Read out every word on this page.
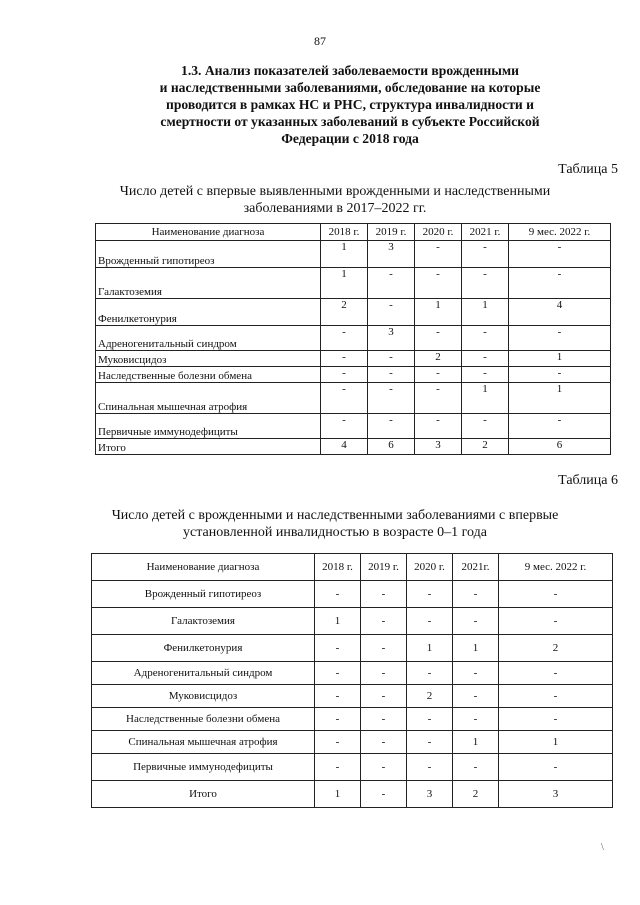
87
1.3. Анализ показателей заболеваемости врожденными
и наследственными заболеваниями, обследование на которые
проводится в рамках НС и РНС, структура инвалидности и
смертности от указанных заболеваний в субъекте Российской
Федерации с 2018 года
Таблица 5

Число детей с впервые выявленными врожденными и наследственными
заболеваниями в 2017–2022 гг.

Наименование диагноза	2018 г.	2019 г.	2020 г.	2021 г.	9 мес. 2022 г.
Врожденный гипотиреоз	1	3	-	-	-
Галактоземия	1	-	-	-	-
Фенилкетонурия	2	-	1	1	4
Адреногенитальный синдром	-	3	-	-	-
Муковисцидоз	-	-	2	-	1
Наследственные болезни обмена	-	-	-	-	-
Спинальная мышечная атрофия	-	-	-	1	1
Первичные иммунодефициты	-	-	-	-	-
Итого	4	6	3	2	6
Таблица 6

Число детей с врожденными и наследственными заболеваниями с впервые
установленной инвалидностью в возрасте 0–1 года

Наименование диагноза	2018 г.	2019 г.	2020 г.	2021г.	9 мес. 2022 г.
Врожденный гипотиреоз	-	-	-	-	-
Галактоземия	1	-	-	-	-
Фенилкетонурия	-	-	1	1	2
Адреногенитальный синдром	-	-	-	-	-
Муковисцидоз	-	-	2	-	-
Наследственные болезни обмена	-	-	-	-	-
Спинальная мышечная атрофия	-	-	-	1	1
Первичные иммунодефициты	-	-	-	-	-
Итого	1	-	3	2	3
\
